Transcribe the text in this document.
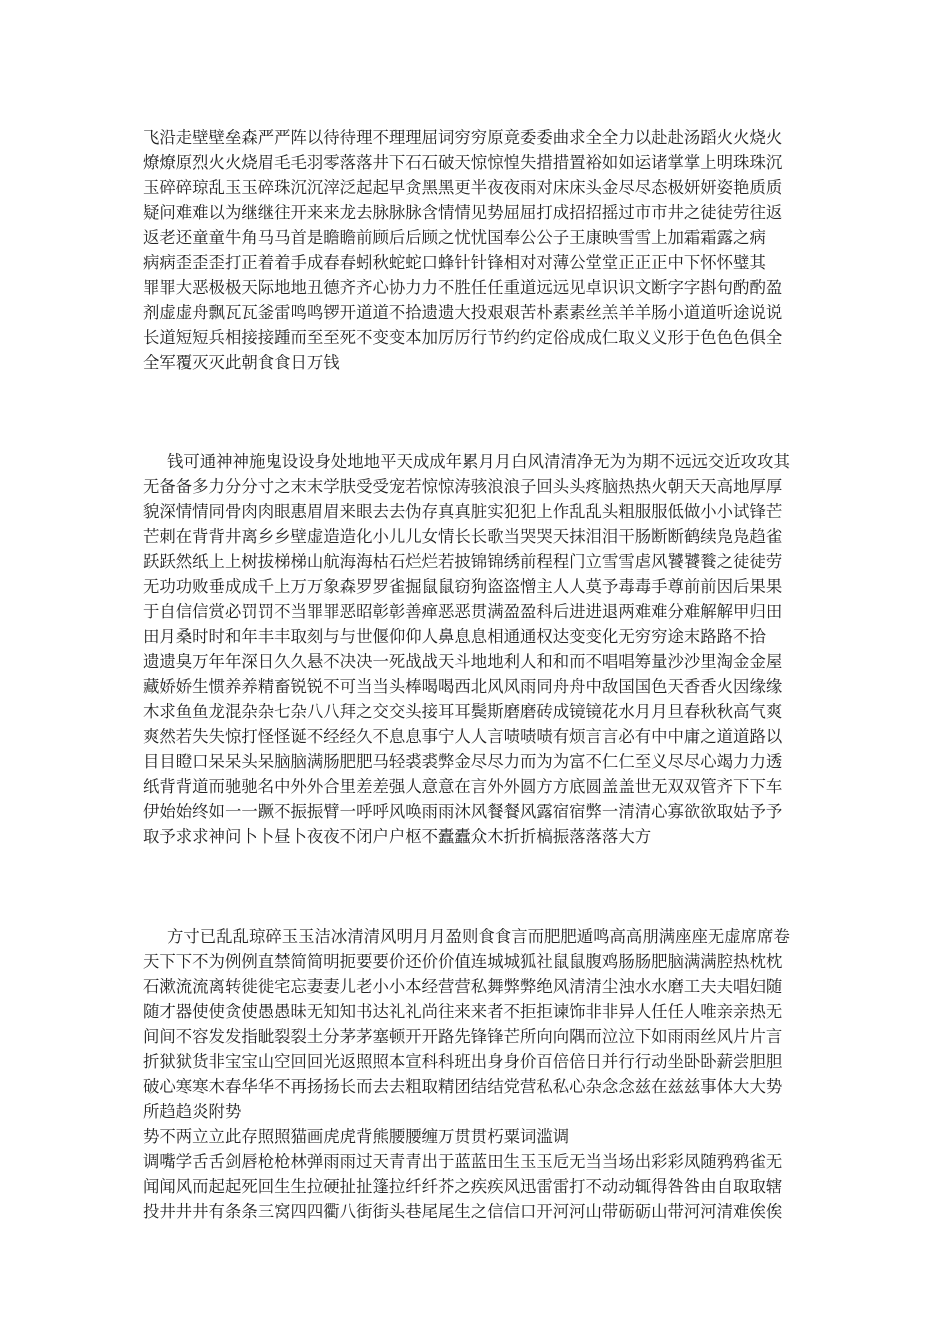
飞沿走壁壁垒森严严阵以待待理不理理屈词穷穷原竟委委曲求全全力以赴赴汤蹈火火烧火
燎燎原烈火火烧眉毛毛羽零落落井下石石破天惊惊惶失措措置裕如如运诸掌掌上明珠珠沉
玉碎碎琼乱玉玉碎珠沉沉滓泛起起早贪黑黑更半夜夜雨对床床头金尽尽态极妍妍姿艳质质
疑问难难以为继继往开来来龙去脉脉脉含情情见势屈屈打成招招摇过市市井之徒徒劳往返
返老还童童牛角马马首是瞻瞻前顾后后顾之忧忧国奉公公子王康映雪雪上加霜霜露之病
病病歪歪歪打正着着手成春春蚓秋蛇蛇口蜂针针锋相对对薄公堂堂正正正中下怀怀璧其
罪罪大恶极极天际地地丑德齐齐心协力力不胜任任重道远远见卓识识文断字字斟句酌酌盈
剂虚虚舟飘瓦瓦釜雷鸣鸣锣开道道不拾遗遗大投艰艰苦朴素素丝羔羊羊肠小道道听途说说
长道短短兵相接接踵而至至死不变变本加厉厉行节约约定俗成成仁取义义形于色色色俱全
全军覆灭灭此朝食食日万钱
钱可通神神施鬼设设身处地地平天成成年累月月白风清清净无为为期不远远交近攻攻其
无备备多力分分寸之末末学肤受受宠若惊惊涛骇浪浪子回头头疼脑热热火朝天天高地厚厚
貌深情情同骨肉肉眼惠眉眉来眼去去伪存真真脏实犯犯上作乱乱头粗服服低做小小试锋芒
芒刺在背背井离乡乡壁虚造造化小儿儿女情长长歌当哭哭天抹泪泪干肠断断鹤续凫凫趋雀
跃跃然纸上上树拔梯梯山航海海枯石烂烂若披锦锦绣前程程门立雪雪虐风饕饕餮之徒徒劳
无功功败垂成成千上万万象森罗罗雀掘鼠鼠窃狗盗盗憎主人人莫予毒毒手尊前前因后果果
于自信信赏必罚罚不当罪罪恶昭彰彰善瘅恶恶贯满盈盈科后进进退两难难分难解解甲归田
田月桑时时和年丰丰取刻与与世偃仰仰人鼻息息相通通权达变变化无穷穷途末路路不拾
遗遗臭万年年深日久久悬不决决一死战战天斗地地利人和和而不唱唱筹量沙沙里淘金金屋
藏娇娇生惯养养精畜锐锐不可当当头棒喝喝西北风风雨同舟舟中敌国国色天香香火因缘缘
木求鱼鱼龙混杂杂七杂八八拜之交交头接耳耳鬓斯磨磨砖成镜镜花水月月旦春秋秋高气爽
爽然若失失惊打怪怪诞不经经久不息息事宁人人言啧啧啧有烦言言必有中中庸之道道路以
目目瞪口呆呆头呆脑脑满肠肥肥马轻裘裘弊金尽尽力而为为富不仁仁至义尽尽心竭力力透
纸背背道而驰驰名中外外合里差差强人意意在言外外圆方方底圆盖盖世无双双管齐下下车
伊始始终如一一蹶不振振臂一呼呼风唤雨雨沐风餐餐风露宿宿弊一清清心寡欲欲取姑予予
取予求求神问卜卜昼卜夜夜不闭户户枢不蠹蠹众木折折槁振落落落大方
方寸已乱乱琼碎玉玉洁冰清清风明月月盈则食食言而肥肥遁鸣高高朋满座座无虚席席卷
天下下不为例例直禁简简明扼要要价还价价值连城城狐社鼠鼠腹鸡肠肠肥脑满满腔热枕枕
石漱流流离转徙徙宅忘妻妻儿老小小本经营营私舞弊弊绝风清清尘浊水水磨工夫夫唱妇随
随才器使使贪使愚愚昧无知知书达礼礼尚往来来者不拒拒谏饰非非异人任任人唯亲亲热无
间间不容发发指眦裂裂土分茅茅塞顿开开路先锋锋芒所向向隅而泣泣下如雨雨丝风片片言
折狱狱货非宝宝山空回回光返照照本宣科科班出身身价百倍倍日并行行动坐卧卧薪尝胆胆
破心寒寒木春华华不再扬扬长而去去粗取精团结结党营私私心杂念念兹在兹兹事体大大势
所趋趋炎附势
势不两立立此存照照猫画虎虎背熊腰腰缠万贯贯朽粟词滥调
调嘴学舌舌剑唇枪枪林弹雨雨过天青青出于蓝蓝田生玉玉卮无当当场出彩彩凤随鸦鸦雀无
闻闻风而起起死回生生拉硬扯扯篷拉纤纤芥之疾疾风迅雷雷打不动动辄得咎咎由自取取辖
投井井井有条条三窝四四衢八街街头巷尾尾生之信信口开河河山带砺砺山带河河清难俟俟
